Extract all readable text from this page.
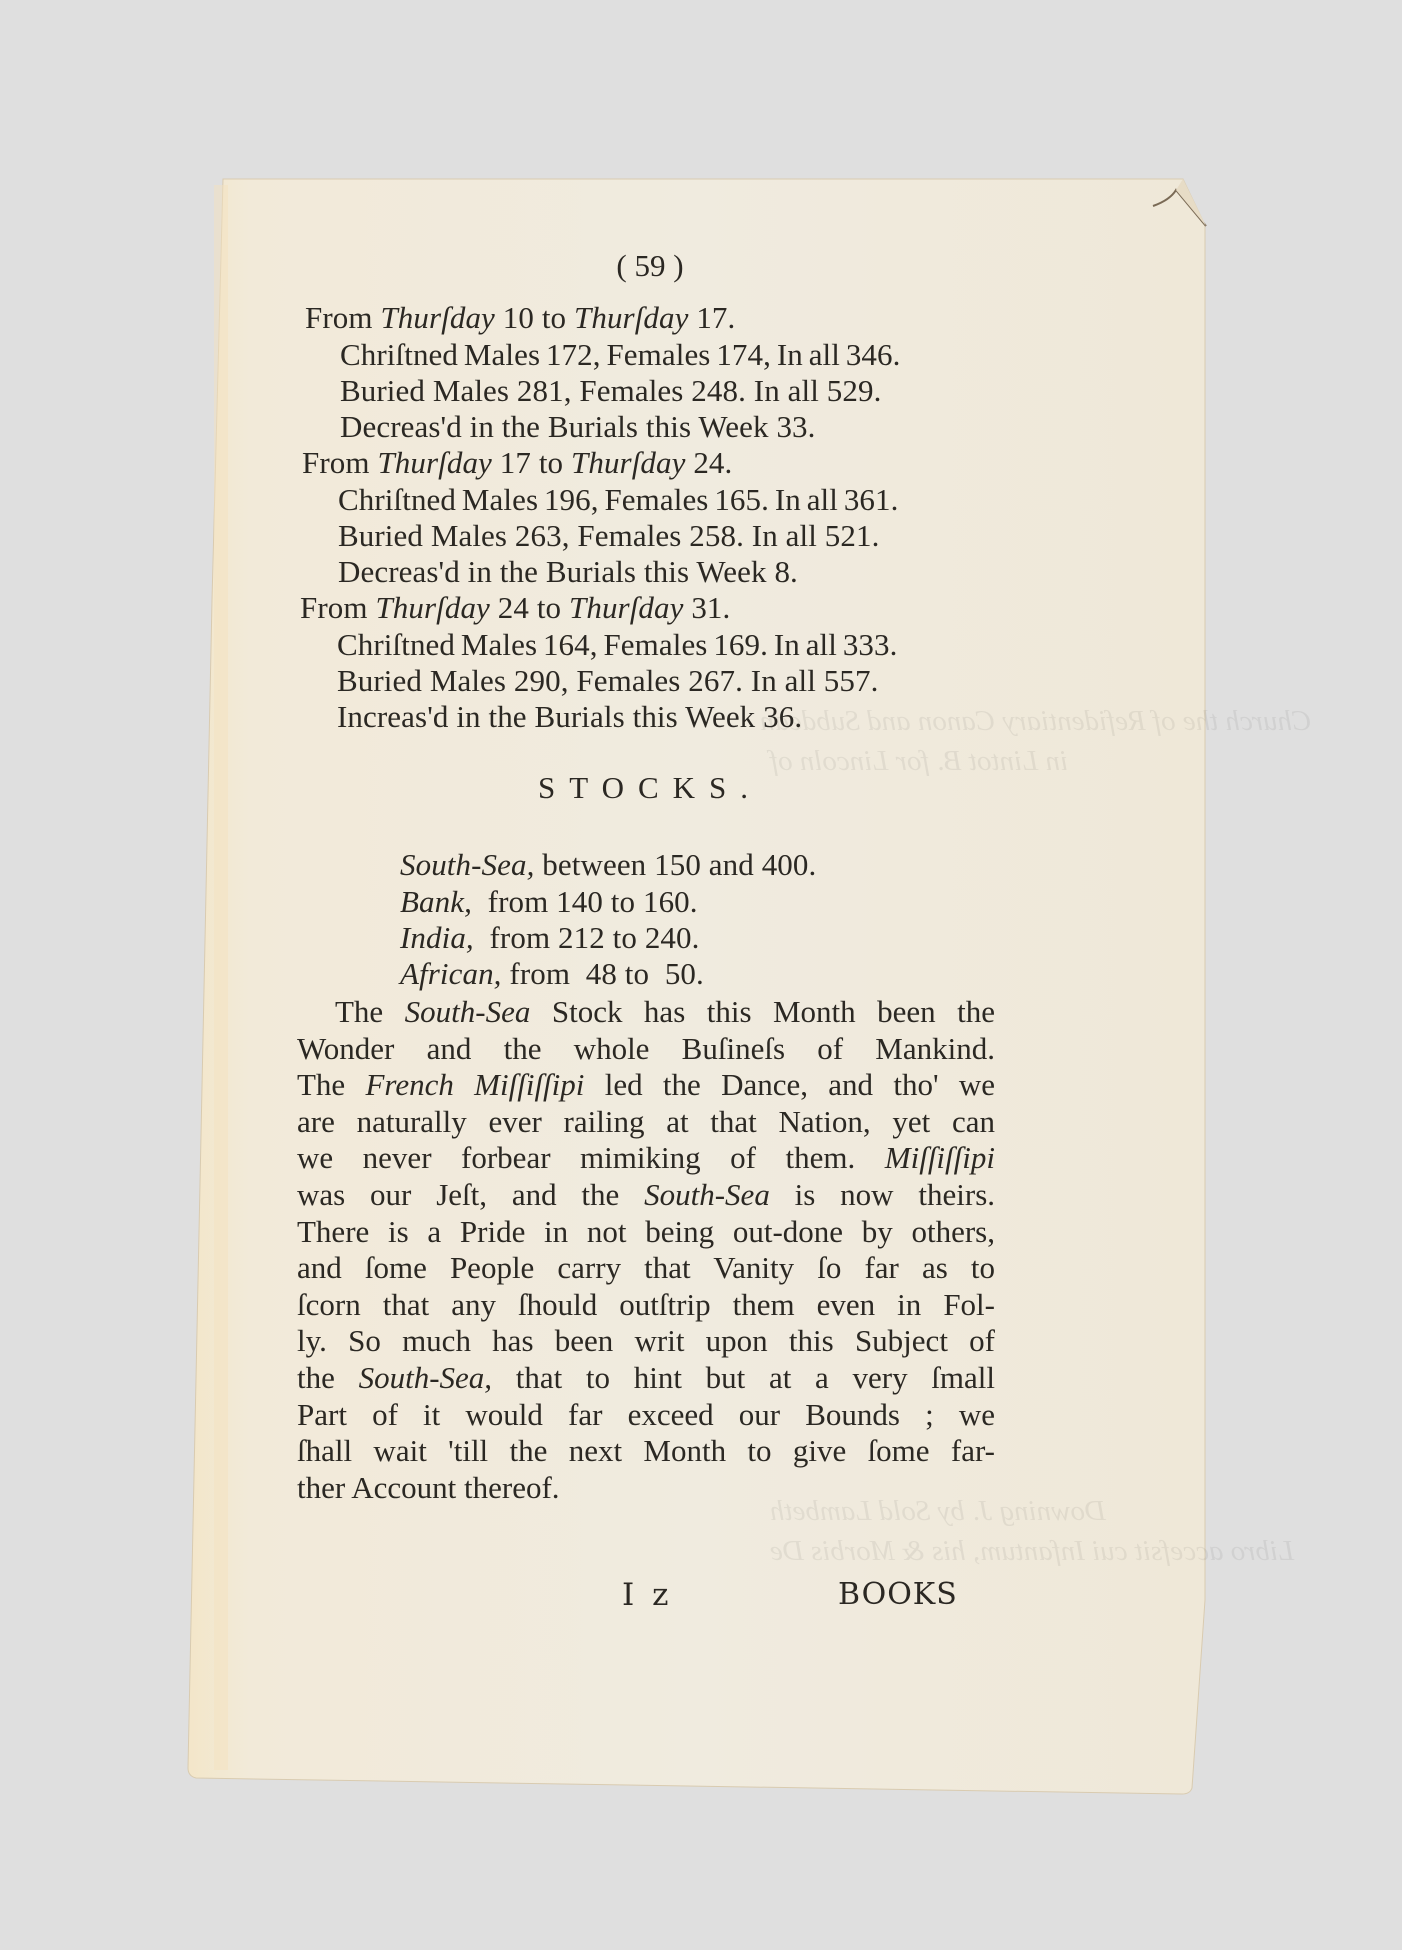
Church the of Refidentiary Canon and Subdean
in Lintot B. for Lincoln of
Downing J. by Sold Lambeth
Libro accefsit cui Infantum, his & Morbis De
( 59 )
From Thurſday 10 to Thurſday 17.
Chriſtned Males 172, Females 174, In all 346.
Buried Males 281, Females 248. In all 529.
Decreas'd in the Burials this Week 33.
From Thurſday 17 to Thurſday 24.
Chriſtned Males 196, Females 165. In all 361.
Buried Males 263, Females 258. In all 521.
Decreas'd in the Burials this Week 8.
From Thurſday 24 to Thurſday 31.
Chriſtned Males 164, Females 169. In all 333.
Buried Males 290, Females 267. In all 557.
Increas'd in the Burials this Week 36.
STOCKS.
South-Sea, between 150 and 400.
Bank,  from 140 to 160.
India,  from 212 to 240.
African, from  48 to  50.
The South-Sea Stock has this Month been the
Wonder and the whole Buſineſs of Mankind.
The French Miſſiſſipi led the Dance, and tho' we
are naturally ever railing at that Nation, yet can
we never forbear mimiking of them. Miſſiſſipi
was our Jeſt, and the South-Sea is now theirs.
There is a Pride in not being out-done by others,
and ſome People carry that Vanity ſo far as to
ſcorn that any ſhould outſtrip them even in Fol-
ly. So much has been writ upon this Subject of
the South-Sea, that to hint but at a very ſmall
Part of it would far exceed our Bounds ; we
ſhall wait 'till the next Month to give ſome far-
ther Account thereof.
I z	BOOKS
